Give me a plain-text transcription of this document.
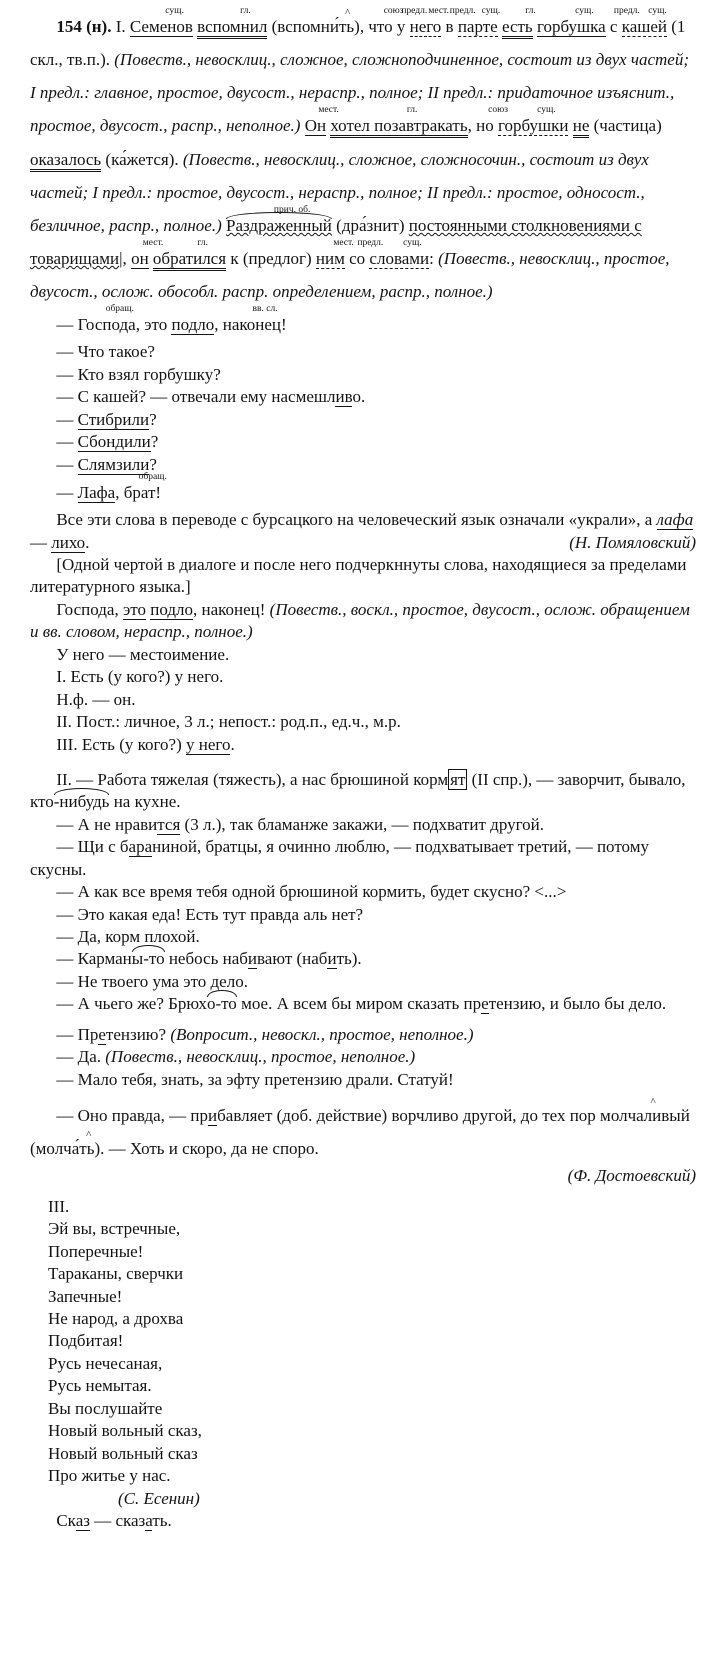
154 (н). I. Семенов
сущ.
вспомнил
гл.
(вспомни́
^
ть), что
союз
у
предл.
него
мест.
в
предл.
парте
сущ.
есть
гл.
горбушка
сущ.
с
предл.
кашей
сущ.
(1 скл., тв.п.). (Повеств., невосклиц., сложное, сложноподчиненное, состоит из двух частей; I предл.: главное, простое, двусост., нераспр., полное; II предл.: придаточное изъяснит., простое, двусост., распр., неполное.) Он
мест.
хотел позавтракать
гл.
, но
союз
горбушки
сущ.
не (частица) оказалось (ка́жется). (Повеств., невосклиц., сложное, сложносочин., состоит из двух частей; I предл.: простое, двусост., нераспр., полное; II предл.: простое, односост., безличное, распр., полное.) Раздраженный
прич. об.
(дра́знит) постоянными столкновениями с товарищами|, он
мест.
обратился
гл.
к (предлог) ним
мест.
со
предл.
словами
сущ.
: (Повеств., невосклиц., простое, двусост., ослож. обособл. распр. определением, распр., полное.)
— Господа
обращ.
, это подло, наконец
вв. сл.
!
— Что такое?
— Кто взял горбушку?
— С кашей? — отвечали ему насмешливо.
— Стибрили?
— Сбондили?
— Слямзили?
— Лафа, брат
обращ.
!
Все эти слова в переводе с бурсацкого на человеческий язык означали «украли», а лафа — лихо.	(Н. Помяловский)
[Одной чертой в диалоге и после него подчеркннуты слова, находящиеся за пределами литературного языка.]
Господа, это подло, наконец! (Повеств., воскл., простое, двусост., ослож. обращением и вв. словом, нераспр., полное.)
У него — местоимение.
I. Есть (у кого?) у него.
Н.ф. — он.
II. Пост.: личное, 3 л.; непост.: род.п., ед.ч., м.р.
III. Есть (у кого?) у него.
II. — Работа тяжелая (тяжесть), а нас брюшиной корм ят (II спр.), — заворчит, бывало, кто-нибудь на кухне.
— А не нравится (3 л.), так бламанже закажи, — подхватит другой.
— Щи с бараниной, братцы, я очинно люблю, — подхватывает третий, — потому скусны.
— А как все время тебя одной брюшиной кормить, будет скусно? <...>
— Это какая еда! Есть тут правда аль нет?
— Да, корм плохой.
— Карманы-то небось набивают (набить).
— Не твоего ума это дело.
— А чьего же? Брюхо-то мое. А всем бы миром сказать претензию, и было бы дело.
— Претензию? (Вопросит., невоскл., простое, неполное.)
— Да. (Повеств., невосклиц., простое, неполное.)
— Мало тебя, знать, за эфту претензию драли. Статуй!
— Оно правда, — прибавляет (доб. действие) ворчливо другой, до тех пор молча
^
ливый (молча́
^
ть). — Хоть и скоро, да не споро.
(Ф. Достоевский)
III.
Эй вы, встречные,
Поперечные!
Тараканы, сверчки
Запечные!
Не народ, а дрохва
Подбитая!
Русь нечесаная,
Русь немытая.
Вы послушайте
Новый вольный сказ,
Новый вольный сказ
Про житье у нас.
(С. Есенин)
Сказ — сказать.
